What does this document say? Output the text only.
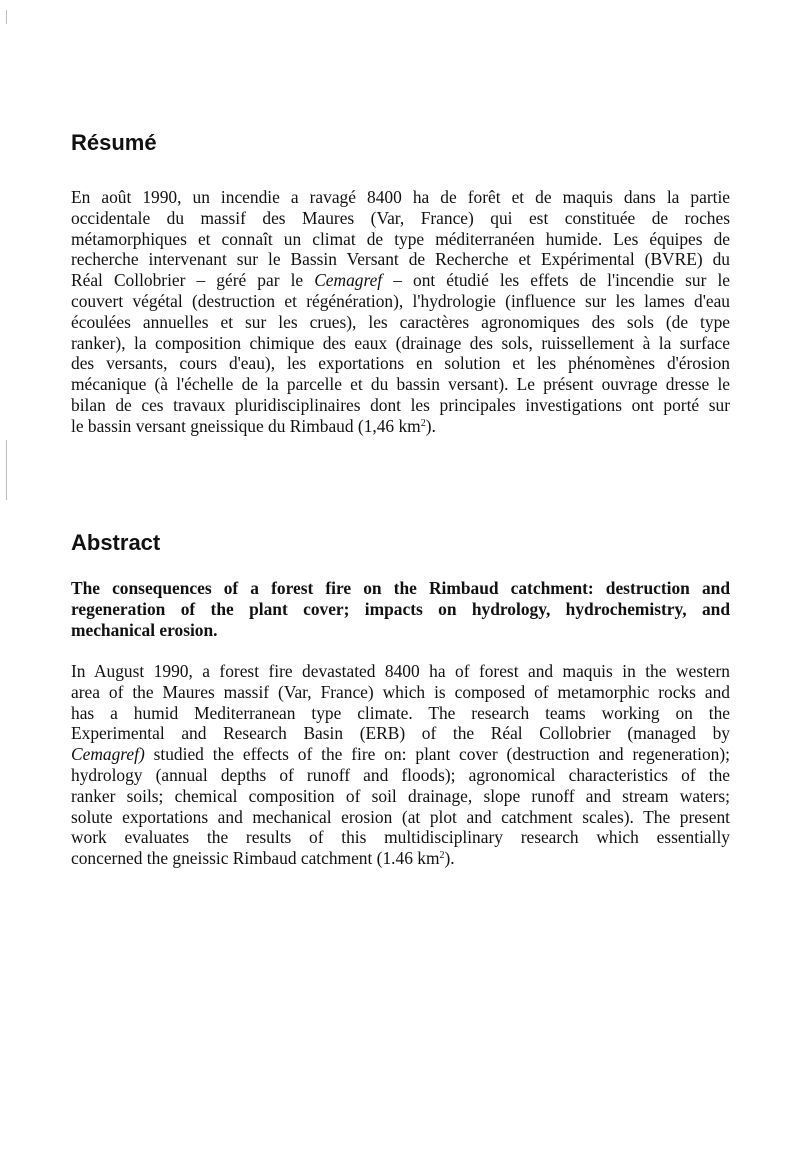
Résumé
En août 1990, un incendie a ravagé 8400 ha de forêt et de maquis dans la partie
occidentale du massif des Maures (Var, France) qui est constituée de roches
métamorphiques et connaît un climat de type méditerranéen humide. Les équipes de
recherche intervenant sur le Bassin Versant de Recherche et Expérimental (BVRE) du
Réal Collobrier – géré par le Cemagref – ont étudié les effets de l'incendie sur le
couvert végétal (destruction et régénération), l'hydrologie (influence sur les lames d'eau
écoulées annuelles et sur les crues), les caractères agronomiques des sols (de type
ranker), la composition chimique des eaux (drainage des sols, ruissellement à la surface
des versants, cours d'eau), les exportations en solution et les phénomènes d'érosion
mécanique (à l'échelle de la parcelle et du bassin versant). Le présent ouvrage dresse le
bilan de ces travaux pluridisciplinaires dont les principales investigations ont porté sur
le bassin versant gneissique du Rimbaud (1,46 $km^2$).
Abstract
The consequences of a forest fire on the Rimbaud catchment: destruction and
regeneration of the plant cover; impacts on hydrology, hydrochemistry, and
mechanical erosion.
In August 1990, a forest fire devastated 8400 ha of forest and maquis in the western
area of the Maures massif (Var, France) which is composed of metamorphic rocks and
has a humid Mediterranean type climate. The research teams working on the
Experimental and Research Basin (ERB) of the Réal Collobrier (managed by
Cemagref) studied the effects of the fire on: plant cover (destruction and regeneration);
hydrology (annual depths of runoff and floods); agronomical characteristics of the
ranker soils; chemical composition of soil drainage, slope runoff and stream waters;
solute exportations and mechanical erosion (at plot and catchment scales). The present
work evaluates the results of this multidisciplinary research which essentially
concerned the gneissic Rimbaud catchment (1.46 $km^2$).
